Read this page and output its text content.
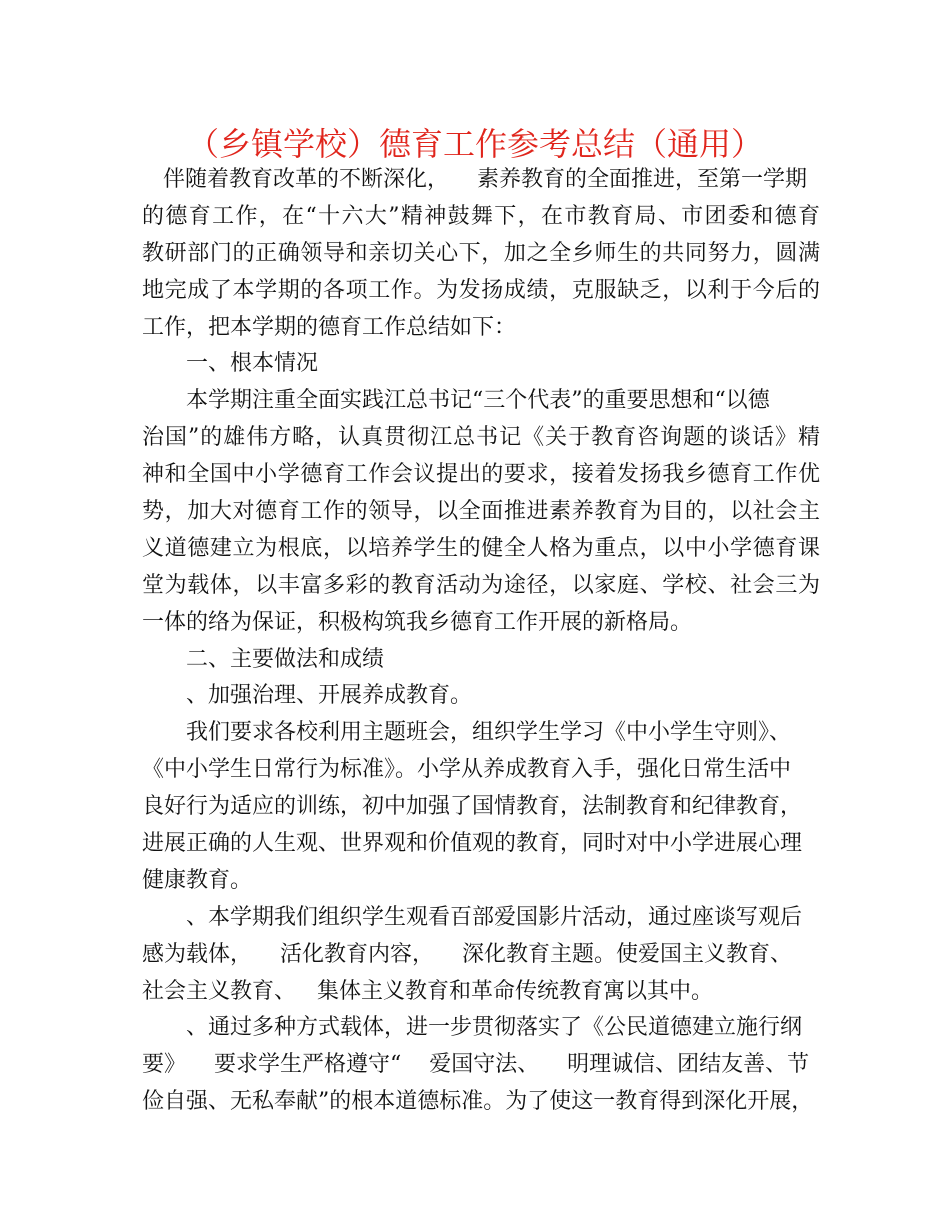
（乡镇学校）德育工作参考总结（通用）
伴随着教育改革的不断深化，    素养教育的全面推进，至第一学期
的德育工作，在“十六大”精神鼓舞下，在市教育局、市团委和德育
教研部门的正确领导和亲切关心下，加之全乡师生的共同努力，圆满
地完成了本学期的各项工作。为发扬成绩，克服缺乏，以利于今后的
工作，把本学期的德育工作总结如下：
一、根本情况
本学期注重全面实践江总书记“三个代表”的重要思想和“以德
治国”的雄伟方略，认真贯彻江总书记《关于教育咨询题的谈话》精
神和全国中小学德育工作会议提出的要求，接着发扬我乡德育工作优
势，加大对德育工作的领导，以全面推进素养教育为目的，以社会主
义道德建立为根底，以培养学生的健全人格为重点，以中小学德育课
堂为载体，以丰富多彩的教育活动为途径，以家庭、学校、社会三为
一体的络为保证，积极构筑我乡德育工作开展的新格局。
二、主要做法和成绩
、加强治理、开展养成教育。
我们要求各校利用主题班会，组织学生学习《中小学生守则》、
《中小学生日常行为标准》。小学从养成教育入手，强化日常生活中
良好行为适应的训练，初中加强了国情教育，法制教育和纪律教育，
进展正确的人生观、世界观和价值观的教育，同时对中小学进展心理
健康教育。
、本学期我们组织学生观看百部爱国影片活动，通过座谈写观后
感为载体，    活化教育内容，    深化教育主题。使爱国主义教育、
社会主义教育、   集体主义教育和革命传统教育寓以其中。
、通过多种方式载体，进一步贯彻落实了《公民道德建立施行纲
要》    要求学生严格遵守“    爱国守法、    明理诚信、团结友善、节
俭自强、无私奉献”的根本道德标准。为了使这一教育得到深化开展，
